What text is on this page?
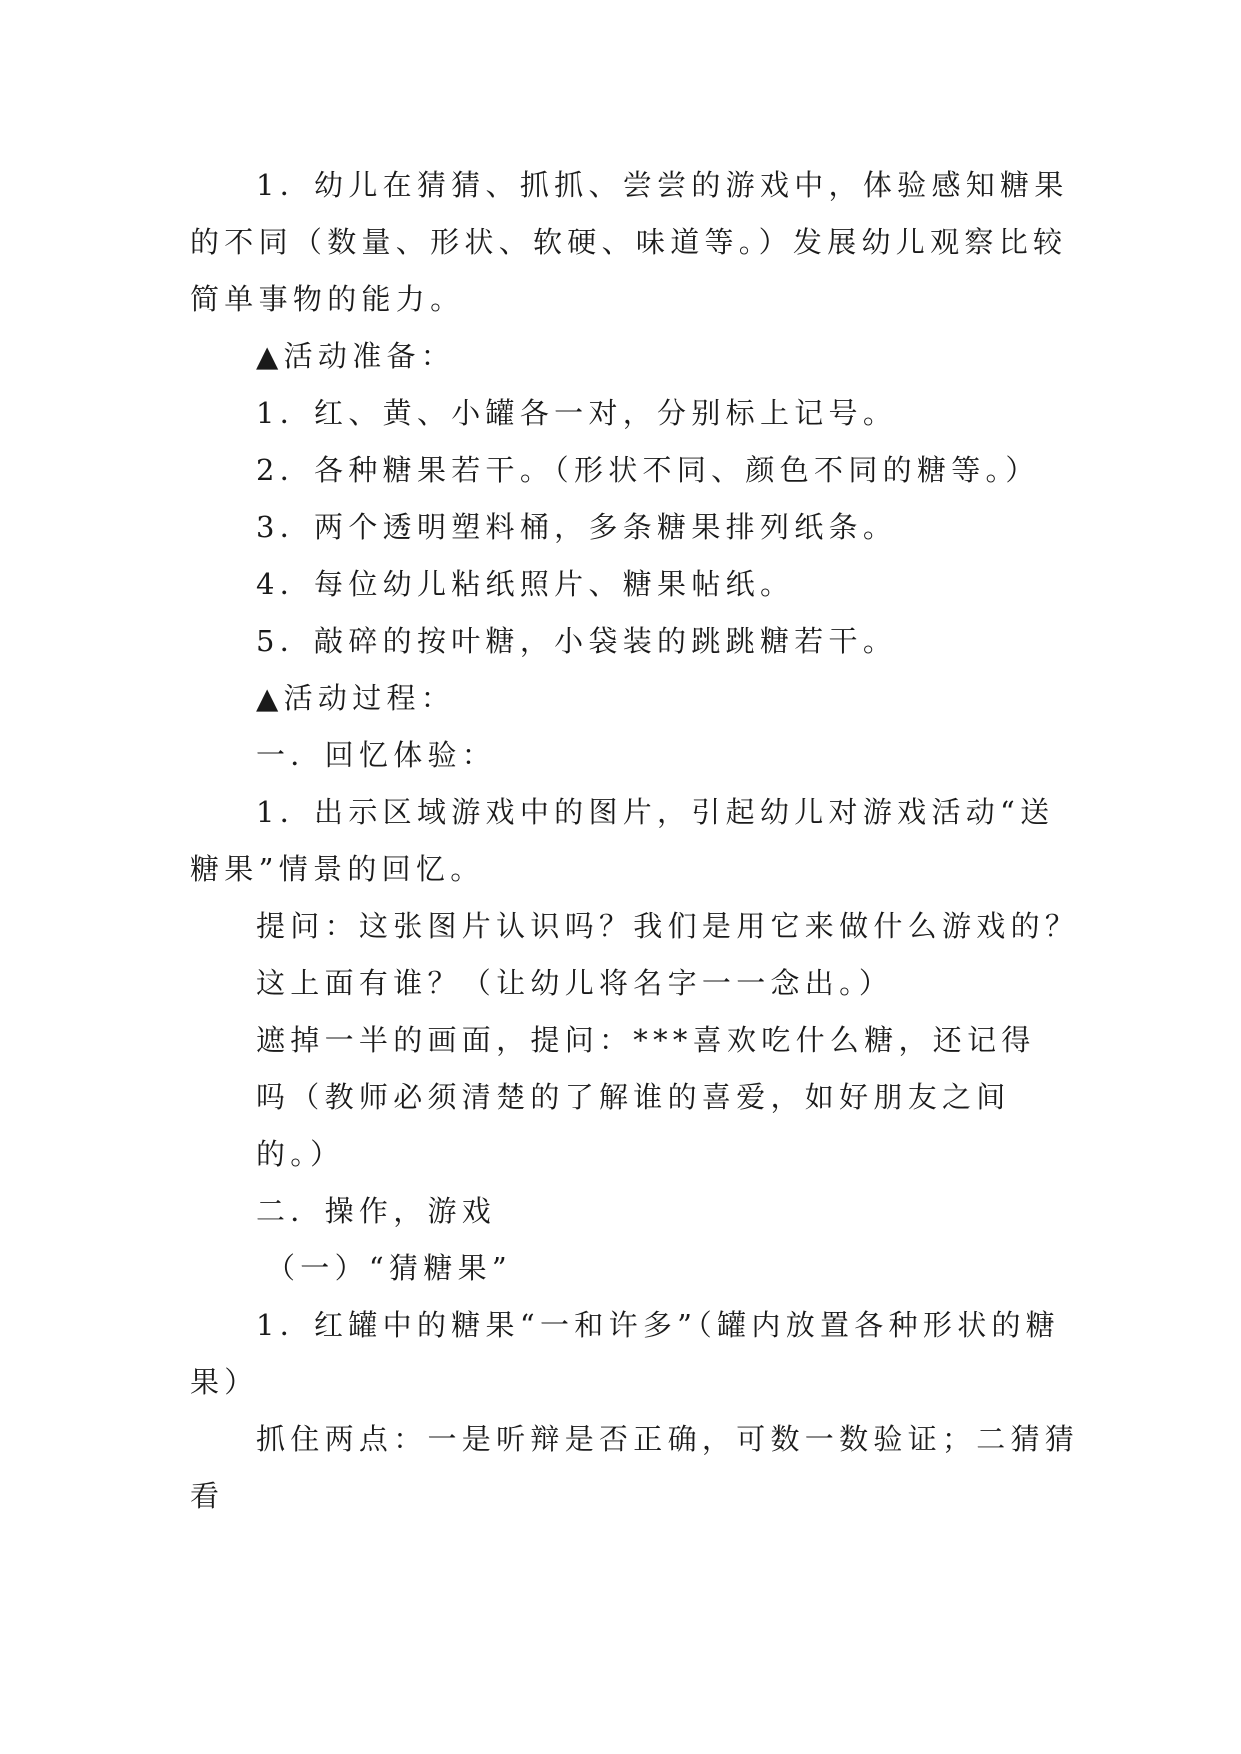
1．幼儿在猜猜、抓抓、尝尝的游戏中，体验感知糖果
的不同（数量、形状、软硬、味道等。）发展幼儿观察比较
简单事物的能力。
▲活动准备：
1．红、黄、小罐各一对，分别标上记号。
2．各种糖果若干。（形状不同、颜色不同的糖等。）
3．两个透明塑料桶，多条糖果排列纸条。
4．每位幼儿粘纸照片、糖果帖纸。
5．敲碎的按叶糖，小袋装的跳跳糖若干。
▲活动过程：
一．回忆体验：
1．出示区域游戏中的图片，引起幼儿对游戏活动“送
糖果”情景的回忆。
提问：这张图片认识吗？我们是用它来做什么游戏的？
这上面有谁？（让幼儿将名字一一念出。）
遮掉一半的画面，提问：***喜欢吃什么糖，还记得
吗（教师必须清楚的了解谁的喜爱，如好朋友之间
的。）
二．操作，游戏
（一）“猜糖果”
1．红罐中的糖果“一和许多”（罐内放置各种形状的糖
果）
抓住两点：一是听辩是否正确，可数一数验证；二猜猜
看
